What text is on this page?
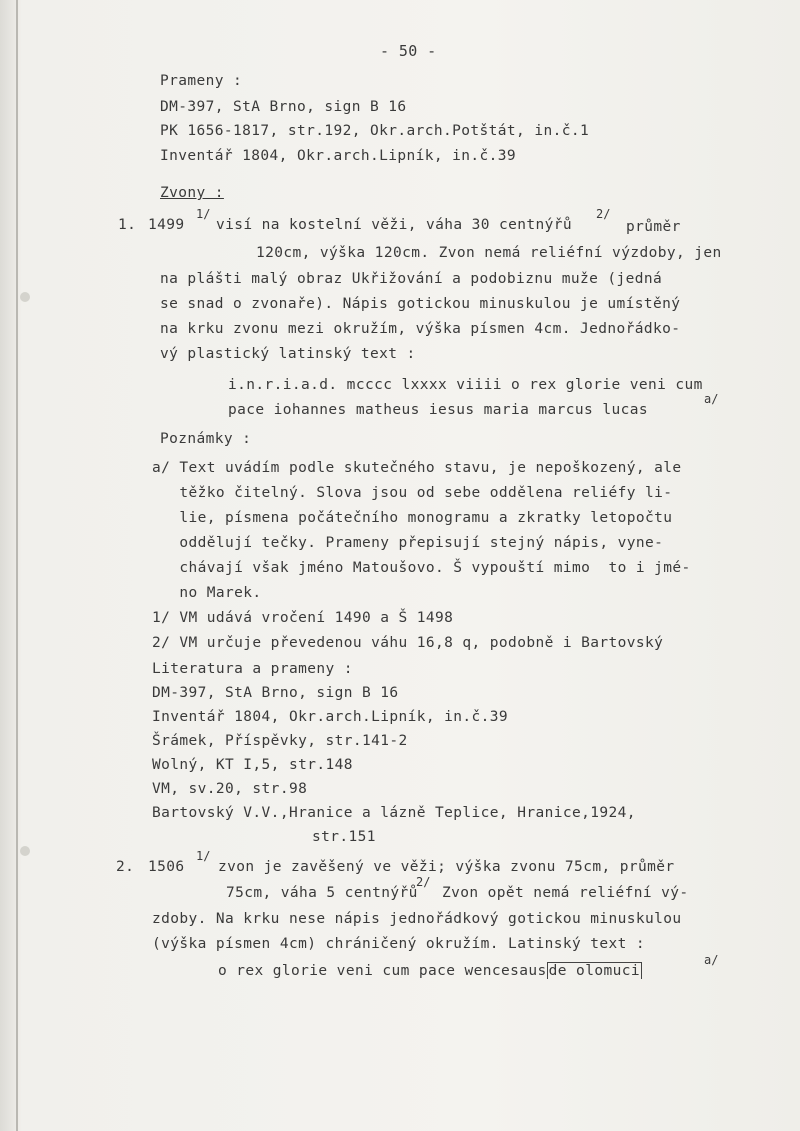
- 50 -
Prameny :
DM-397, StA Brno, sign B 16
PK 1656-1817, str.192, Okr.arch.Potštát, in.č.1
Inventář 1804, Okr.arch.Lipník, in.č.39
Zvony :
1. 1499
1/
visí na kostelní věži, váha 30 centnýřů
2/
průměr
120cm, výška 120cm. Zvon nemá reliéfní výzdoby, jen
na plášti malý obraz Ukřižování a podobiznu muže (jedná
se snad o zvonaře). Nápis gotickou minuskulou je umístěný
na krku zvonu mezi okružím, výška písmen 4cm. Jednořádko-
vý plastický latinský text :
i.n.r.i.a.d. mcccc lxxxx viiii o rex glorie veni cum
pace iohannes matheus iesus maria marcus lucas
a/
Poznámky :
a/ Text uvádím podle skutečného stavu, je nepoškozený, ale
těžko čitelný. Slova jsou od sebe oddělena reliéfy li-
lie, písmena počátečního monogramu a zkratky letopočtu
oddělují tečky. Prameny přepisují stejný nápis, vyne-
chávají však jméno Matoušovo. Š vypouští mimo  to i jmé-
no Marek.
1/ VM udává vročení 1490 a Š 1498
2/ VM určuje převedenou váhu 16,8 q, podobně i Bartovský
Literatura a prameny :
DM-397, StA Brno, sign B 16
Inventář 1804, Okr.arch.Lipník, in.č.39
Šrámek, Příspěvky, str.141-2
Wolný, KT I,5, str.148
VM, sv.20, str.98
Bartovský V.V.,Hranice a lázně Teplice, Hranice,1924,
str.151
2. 1506
1/
zvon je zavěšený ve věži; výška zvonu 75cm, průměr
75cm, váha 5 centnýřů
2/
Zvon opět nemá reliéfní vý-
zdoby. Na krku nese nápis jednořádkový gotickou minuskulou
(výška písmen 4cm) chráničený okružím. Latinský text :
o rex glorie veni cum pace wencesaus de olomuci
a/
